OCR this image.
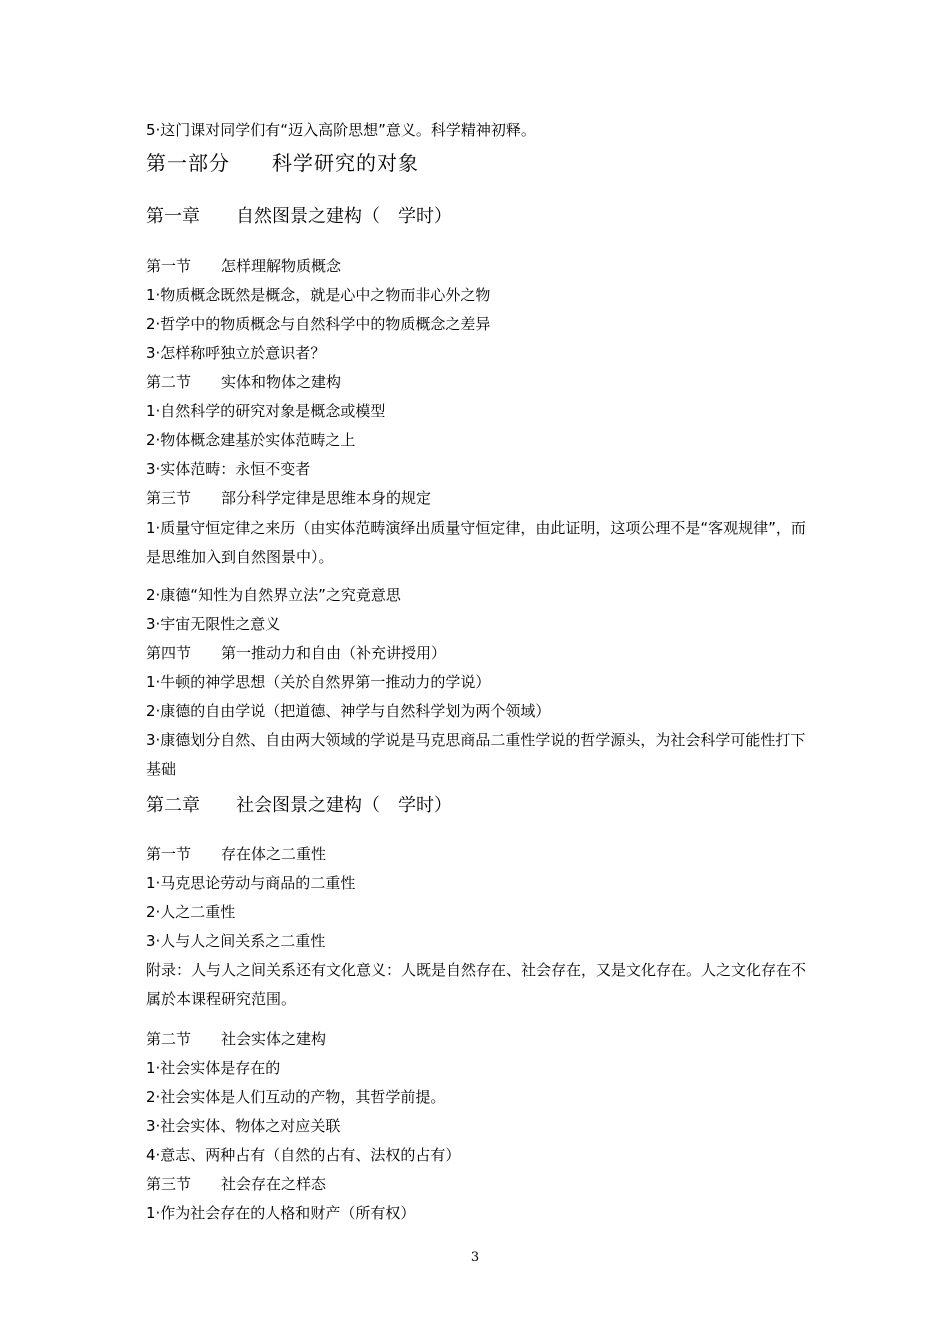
5·这门课对同学们有“迈入高阶思想”意义。科学精神初释。
第一部分　　科学研究的对象
第一章　　自然图景之建构（　学时）
第一节　　怎样理解物质概念
1·物质概念既然是概念，就是心中之物而非心外之物
2·哲学中的物质概念与自然科学中的物质概念之差异
3·怎样称呼独立於意识者？
第二节　　实体和物体之建构
1·自然科学的研究对象是概念或模型
2·物体概念建基於实体范畴之上
3·实体范畴：永恒不变者
第三节　　部分科学定律是思维本身的规定
1·质量守恒定律之来历（由实体范畴演绎出质量守恒定律，由此证明，这项公理不是“客观规律”，而是思维加入到自然图景中）。
2·康德“知性为自然界立法”之究竟意思
3·宇宙无限性之意义
第四节　　第一推动力和自由（补充讲授用）
1·牛顿的神学思想（关於自然界第一推动力的学说）
2·康德的自由学说（把道德、神学与自然科学划为两个领域）
3·康德划分自然、自由两大领域的学说是马克思商品二重性学说的哲学源头，为社会科学可能性打下基础
第二章　　社会图景之建构（　学时）
第一节　　存在体之二重性
1·马克思论劳动与商品的二重性
2·人之二重性
3·人与人之间关系之二重性
附录：人与人之间关系还有文化意义：人既是自然存在、社会存在，又是文化存在。人之文化存在不属於本课程研究范围。
第二节　　社会实体之建构
1·社会实体是存在的
2·社会实体是人们互动的产物，其哲学前提。
3·社会实体、物体之对应关联
4·意志、两种占有（自然的占有、法权的占有）
第三节　　社会存在之样态
1·作为社会存在的人格和财产（所有权）
3
